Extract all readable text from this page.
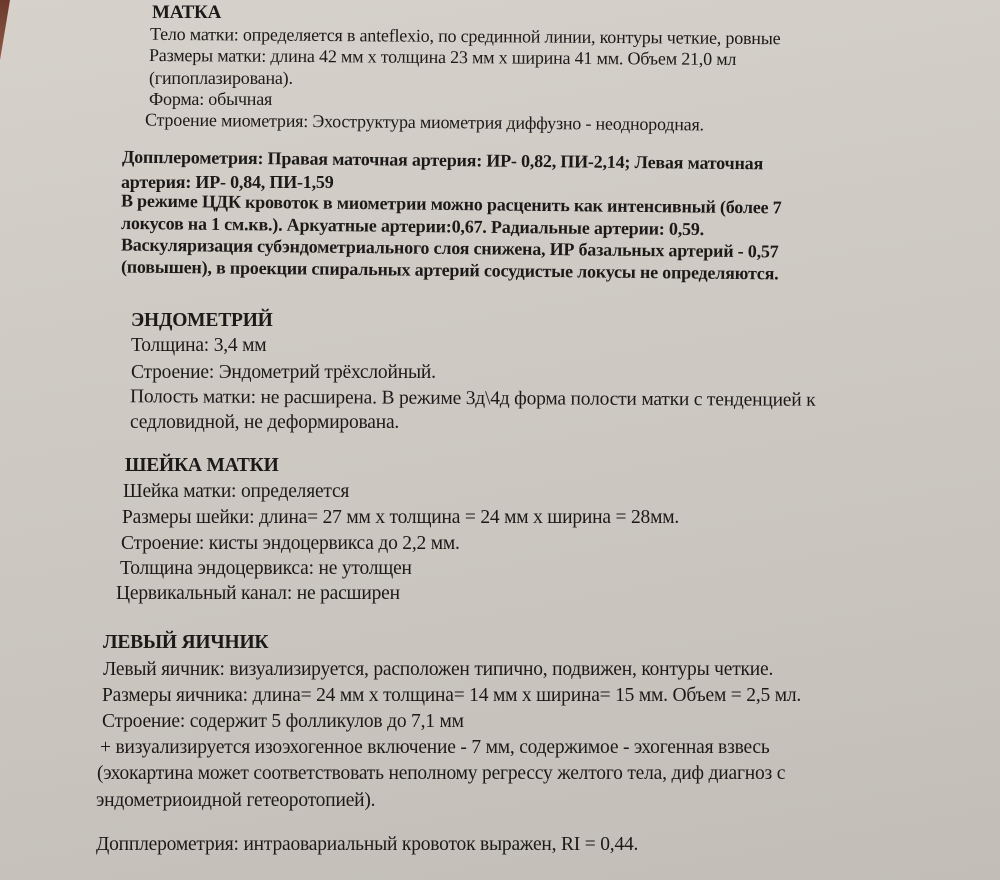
МАТКА
Тело матки: определяется в anteflexio, по срединной линии, контуры четкие, ровные
Размеры матки: длина 42 мм х толщина 23 мм х ширина 41 мм. Объем 21,0 мл
(гипоплазирована).
Форма: обычная
Строение миометрия: Эхоструктура миометрия диффузно - неоднородная.
Допплерометрия: Правая маточная артерия: ИР- 0,82, ПИ-2,14; Левая маточная
артерия: ИР- 0,84, ПИ-1,59
В режиме ЦДК кровоток в миометрии можно расценить как интенсивный (более 7
локусов на 1 см.кв.). Аркуатные артерии:0,67. Радиальные артерии: 0,59.
Васкуляризация субэндометриального слоя снижена, ИР базальных артерий - 0,57
(повышен), в проекции спиральных артерий сосудистые локусы не определяются.
ЭНДОМЕТРИЙ
Толщина: 3,4 мм
Строение: Эндометрий трёхслойный.
Полость матки: не расширена. В режиме 3д\4д форма полости матки с тенденцией к
седловидной, не деформирована.
ШЕЙКА МАТКИ
Шейка матки: определяется
Размеры шейки: длина= 27 мм х толщина = 24 мм х ширина = 28мм.
Строение: кисты эндоцервикса до 2,2 мм.
Толщина эндоцервикса: не утолщен
Цервикальный канал: не расширен
ЛЕВЫЙ ЯИЧНИК
Левый яичник: визуализируется, расположен типично, подвижен, контуры четкие.
Размеры яичника: длина= 24 мм х толщина= 14 мм х ширина= 15 мм. Объем = 2,5 мл.
Строение: содержит 5 фолликулов до 7,1 мм
+ визуализируется изоэхогенное включение - 7 мм, содержимое - эхогенная взвесь
(эхокартина может соответствовать неполному регрессу желтого тела, диф диагноз с
эндометриоидной гетеоротопией).
Допплерометрия: интраовариальный кровоток выражен, RI = 0,44.
